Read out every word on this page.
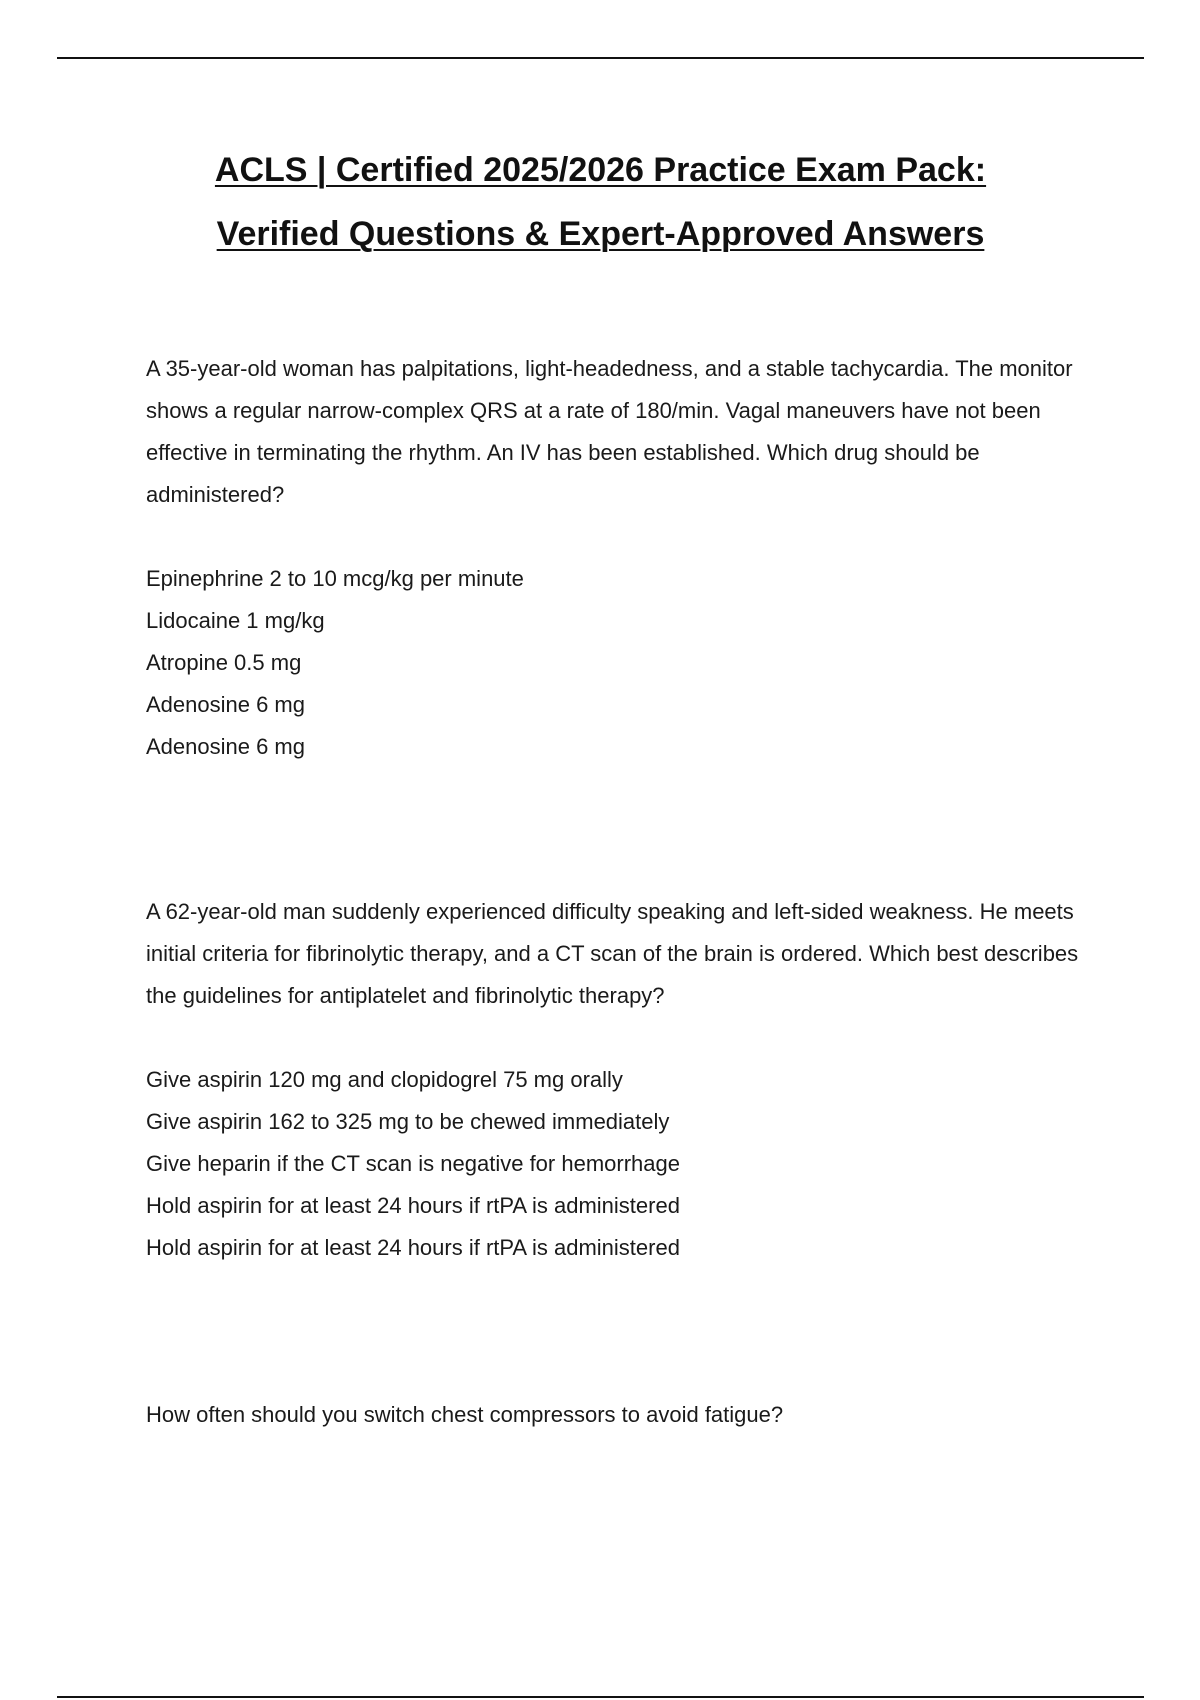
ACLS | Certified 2025/2026 Practice Exam Pack:
Verified Questions & Expert-Approved Answers

A 35-year-old woman has palpitations, light-headedness, and a stable tachycardia. The monitor shows a regular narrow-complex QRS at a rate of 180/min. Vagal maneuvers have not been effective in terminating the rhythm. An IV has been established. Which drug should be administered?

Epinephrine 2 to 10 mcg/kg per minute
Lidocaine 1 mg/kg
Atropine 0.5 mg
Adenosine 6 mg
Adenosine 6 mg

A 62-year-old man suddenly experienced difficulty speaking and left-sided weakness. He meets initial criteria for fibrinolytic therapy, and a CT scan of the brain is ordered. Which best describes the guidelines for antiplatelet and fibrinolytic therapy?

Give aspirin 120 mg and clopidogrel 75 mg orally
Give aspirin 162 to 325 mg to be chewed immediately
Give heparin if the CT scan is negative for hemorrhage
Hold aspirin for at least 24 hours if rtPA is administered
Hold aspirin for at least 24 hours if rtPA is administered

How often should you switch chest compressors to avoid fatigue?
